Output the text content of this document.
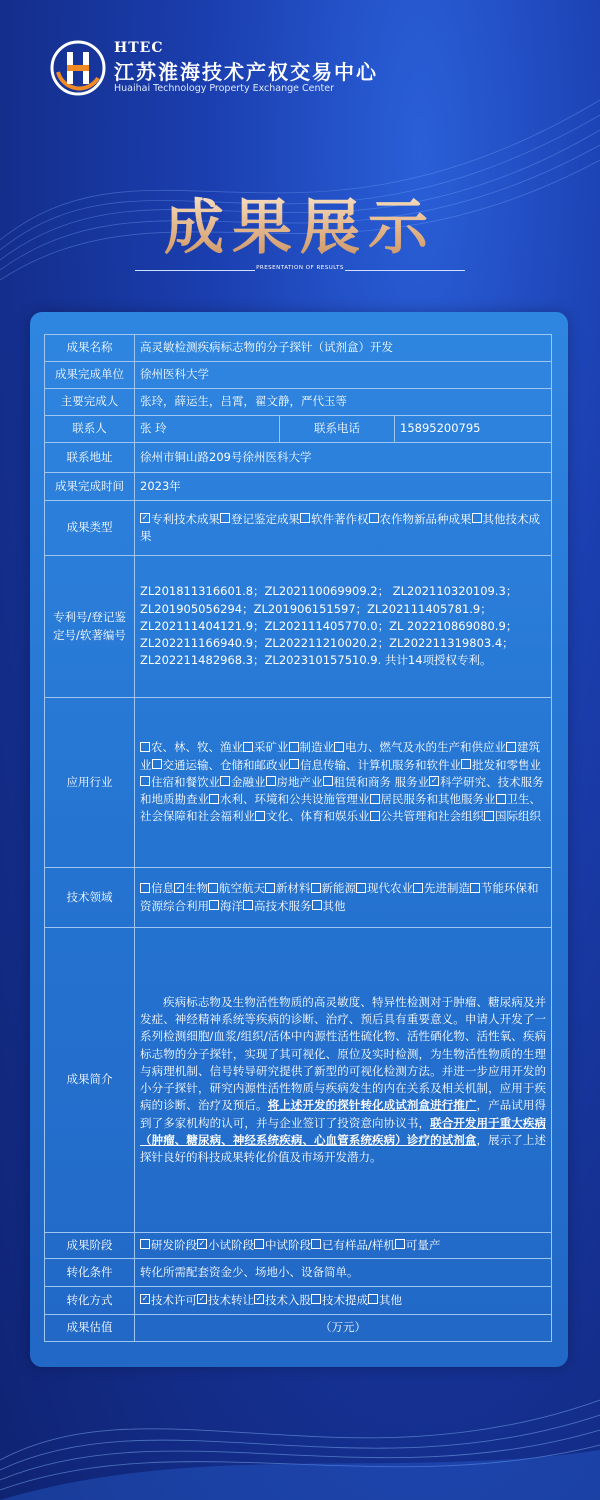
HTEC
江苏淮海技术产权交易中心
Huaihai Technology Property Exchange Center
成果展示
PRESENTATION OF RESULTS
成果名称	高灵敏检测疾病标志物的分子探针（试剂盒）开发		
成果完成单位	徐州医科大学		
主要完成人	张玲，薛运生，吕霄，翟文静，严代玉等		
联系人	张 玲	联系电话	15895200795
联系地址	徐州市铜山路209号徐州医科大学		
成果完成时间	2023年		
成果类型	✓ 专利技术成果 登记鉴定成果 软件著作权 农作物新品种成果 其他技术成果		
专利号/登记鉴定号/软著编号	ZL201811316601.8；ZL202110069909.2； ZL202110320109.3；
ZL201905056294；ZL201906151597；ZL202111405781.9；
ZL202111404121.9；ZL202111405770.0；ZL 202210869080.9；
ZL202211166940.9；ZL202211210020.2；ZL202211319803.4；
ZL202211482968.3；ZL202310157510.9. 共计14项授权专利。		

应用行业	农、林、牧、渔业 采矿业 制造业 电力、燃气及水的生产和供应业 建筑业 交通运输、仓储和邮政业 信息传输、计算机服务和软件业 批发和零售业住宿和餐饮业 金融业 房地产业 租赁和商务 服务业 ✓ 科学研究、技术服务和地质勘查业 水利、环境和公共设施管理业 居民服务和其他服务业 卫生、社会保障和社会福利业 文化、体育和娱乐业 公共管理和社会组织 国际组织		
技术领域	信息 ✓ 生物 航空航天 新材料 新能源 现代农业 先进制造 节能环保和资源综合利用 海洋 高技术服务 其他		
成果简介	疾病标志物及生物活性物质的高灵敏度、特异性检测对于肿瘤、糖尿病及并发症、神经精神系统等疾病的诊断、治疗、预后具有重要意义。申请人开发了一系列检测细胞/血浆/组织/活体中内源性活性硫化物、活性硒化物、活性氧、疾病标志物的分子探针，实现了其可视化、原位及实时检测，为生物活性物质的生理与病理机制、信号转导研究提供了新型的可视化检测方法。并进一步应用开发的小分子探针，研究内源性活性物质与疾病发生的内在关系及相关机制，应用于疾病的诊断、治疗及预后。将上述开发的探针转化成试剂盒进行推广，产品试用得到了多家机构的认可，并与企业签订了投资意向协议书，联合开发用于重大疾病（肿瘤、糖尿病、神经系统疾病、心血管系统疾病）诊疗的试剂盒，展示了上述探针良好的科技成果转化价值及市场开发潜力。		
成果阶段	研发阶段 ✓ 小试阶段 中试阶段 已有样品/样机 可量产		
转化条件	转化所需配套资金少、场地小、设备简单。		
转化方式	✓ 技术许可 ✓ 技术转让 ✓ 技术入股 技术提成 其他		
成果估值	（万元）		
